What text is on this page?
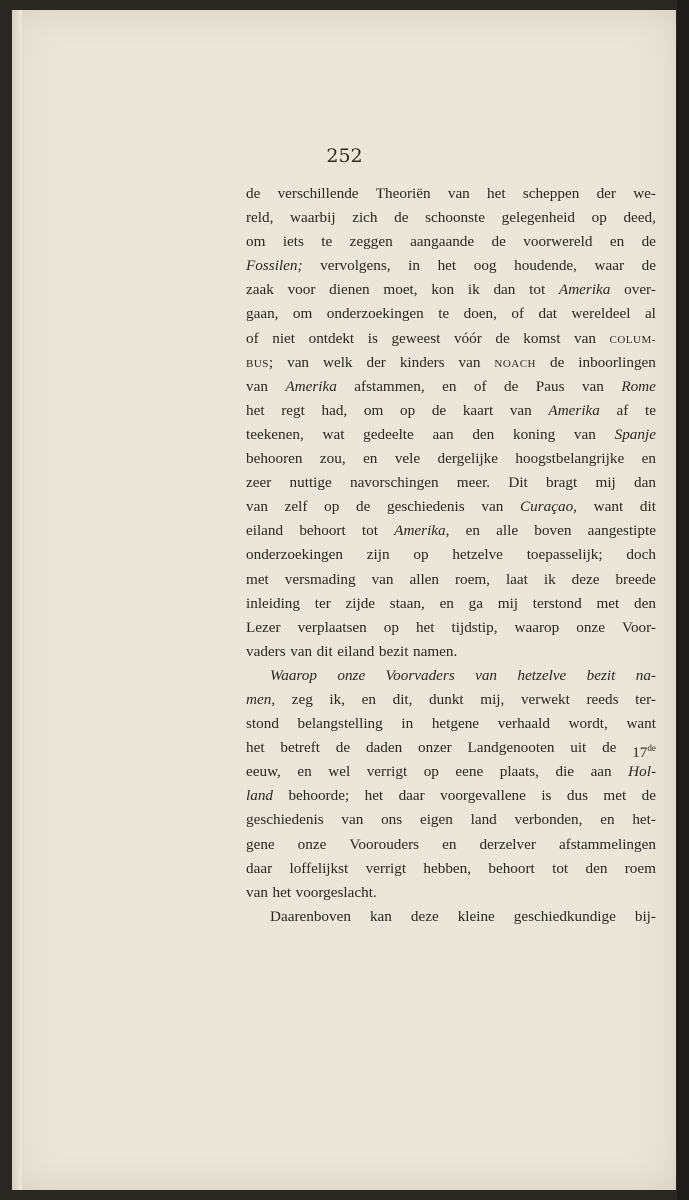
252
de verschillende Theoriën van het scheppen der we-
reld, waarbij zich de schoonste gelegenheid op deed,
om iets te zeggen aangaande de voorwereld en de
Fossilen; vervolgens, in het oog houdende, waar de
zaak voor dienen moet, kon ik dan tot Amerika over-
gaan, om onderzoekingen te doen, of dat wereldeel al
of niet ontdekt is geweest vóór de komst van COLUM-
BUS; van welk der kinders van NOACH de inboorlingen
van Amerika afstammen, en of de Paus van Rome
het regt had, om op de kaart van Amerika af te
teekenen, wat gedeelte aan den koning van Spanje
behooren zou, en vele dergelijke hoogstbelangrijke en
zeer nuttige navorschingen meer. Dit bragt mij dan
van zelf op de geschiedenis van Curaçao, want dit
eiland behoort tot Amerika, en alle boven aangestipte
onderzoekingen zijn op hetzelve toepasselijk; doch
met versmading van allen roem, laat ik deze breede
inleiding ter zijde staan, en ga mij terstond met den
Lezer verplaatsen op het tijdstip, waarop onze Voor-
vaders van dit eiland bezit namen.
Waarop onze Voorvaders van hetzelve bezit na-
men, zeg ik, en dit, dunkt mij, verwekt reeds ter-
stond belangstelling in hetgene verhaald wordt, want
het betreft de daden onzer Landgenooten uit de 17de
eeuw, en wel verrigt op eene plaats, die aan Hol-
land behoorde; het daar voorgevallene is dus met de
geschiedenis van ons eigen land verbonden, en het-
gene onze Voorouders en derzelver afstammelingen
daar loffelijkst verrigt hebben, behoort tot den roem
van het voorgeslacht.
Daarenboven kan deze kleine geschiedkundige bij-
